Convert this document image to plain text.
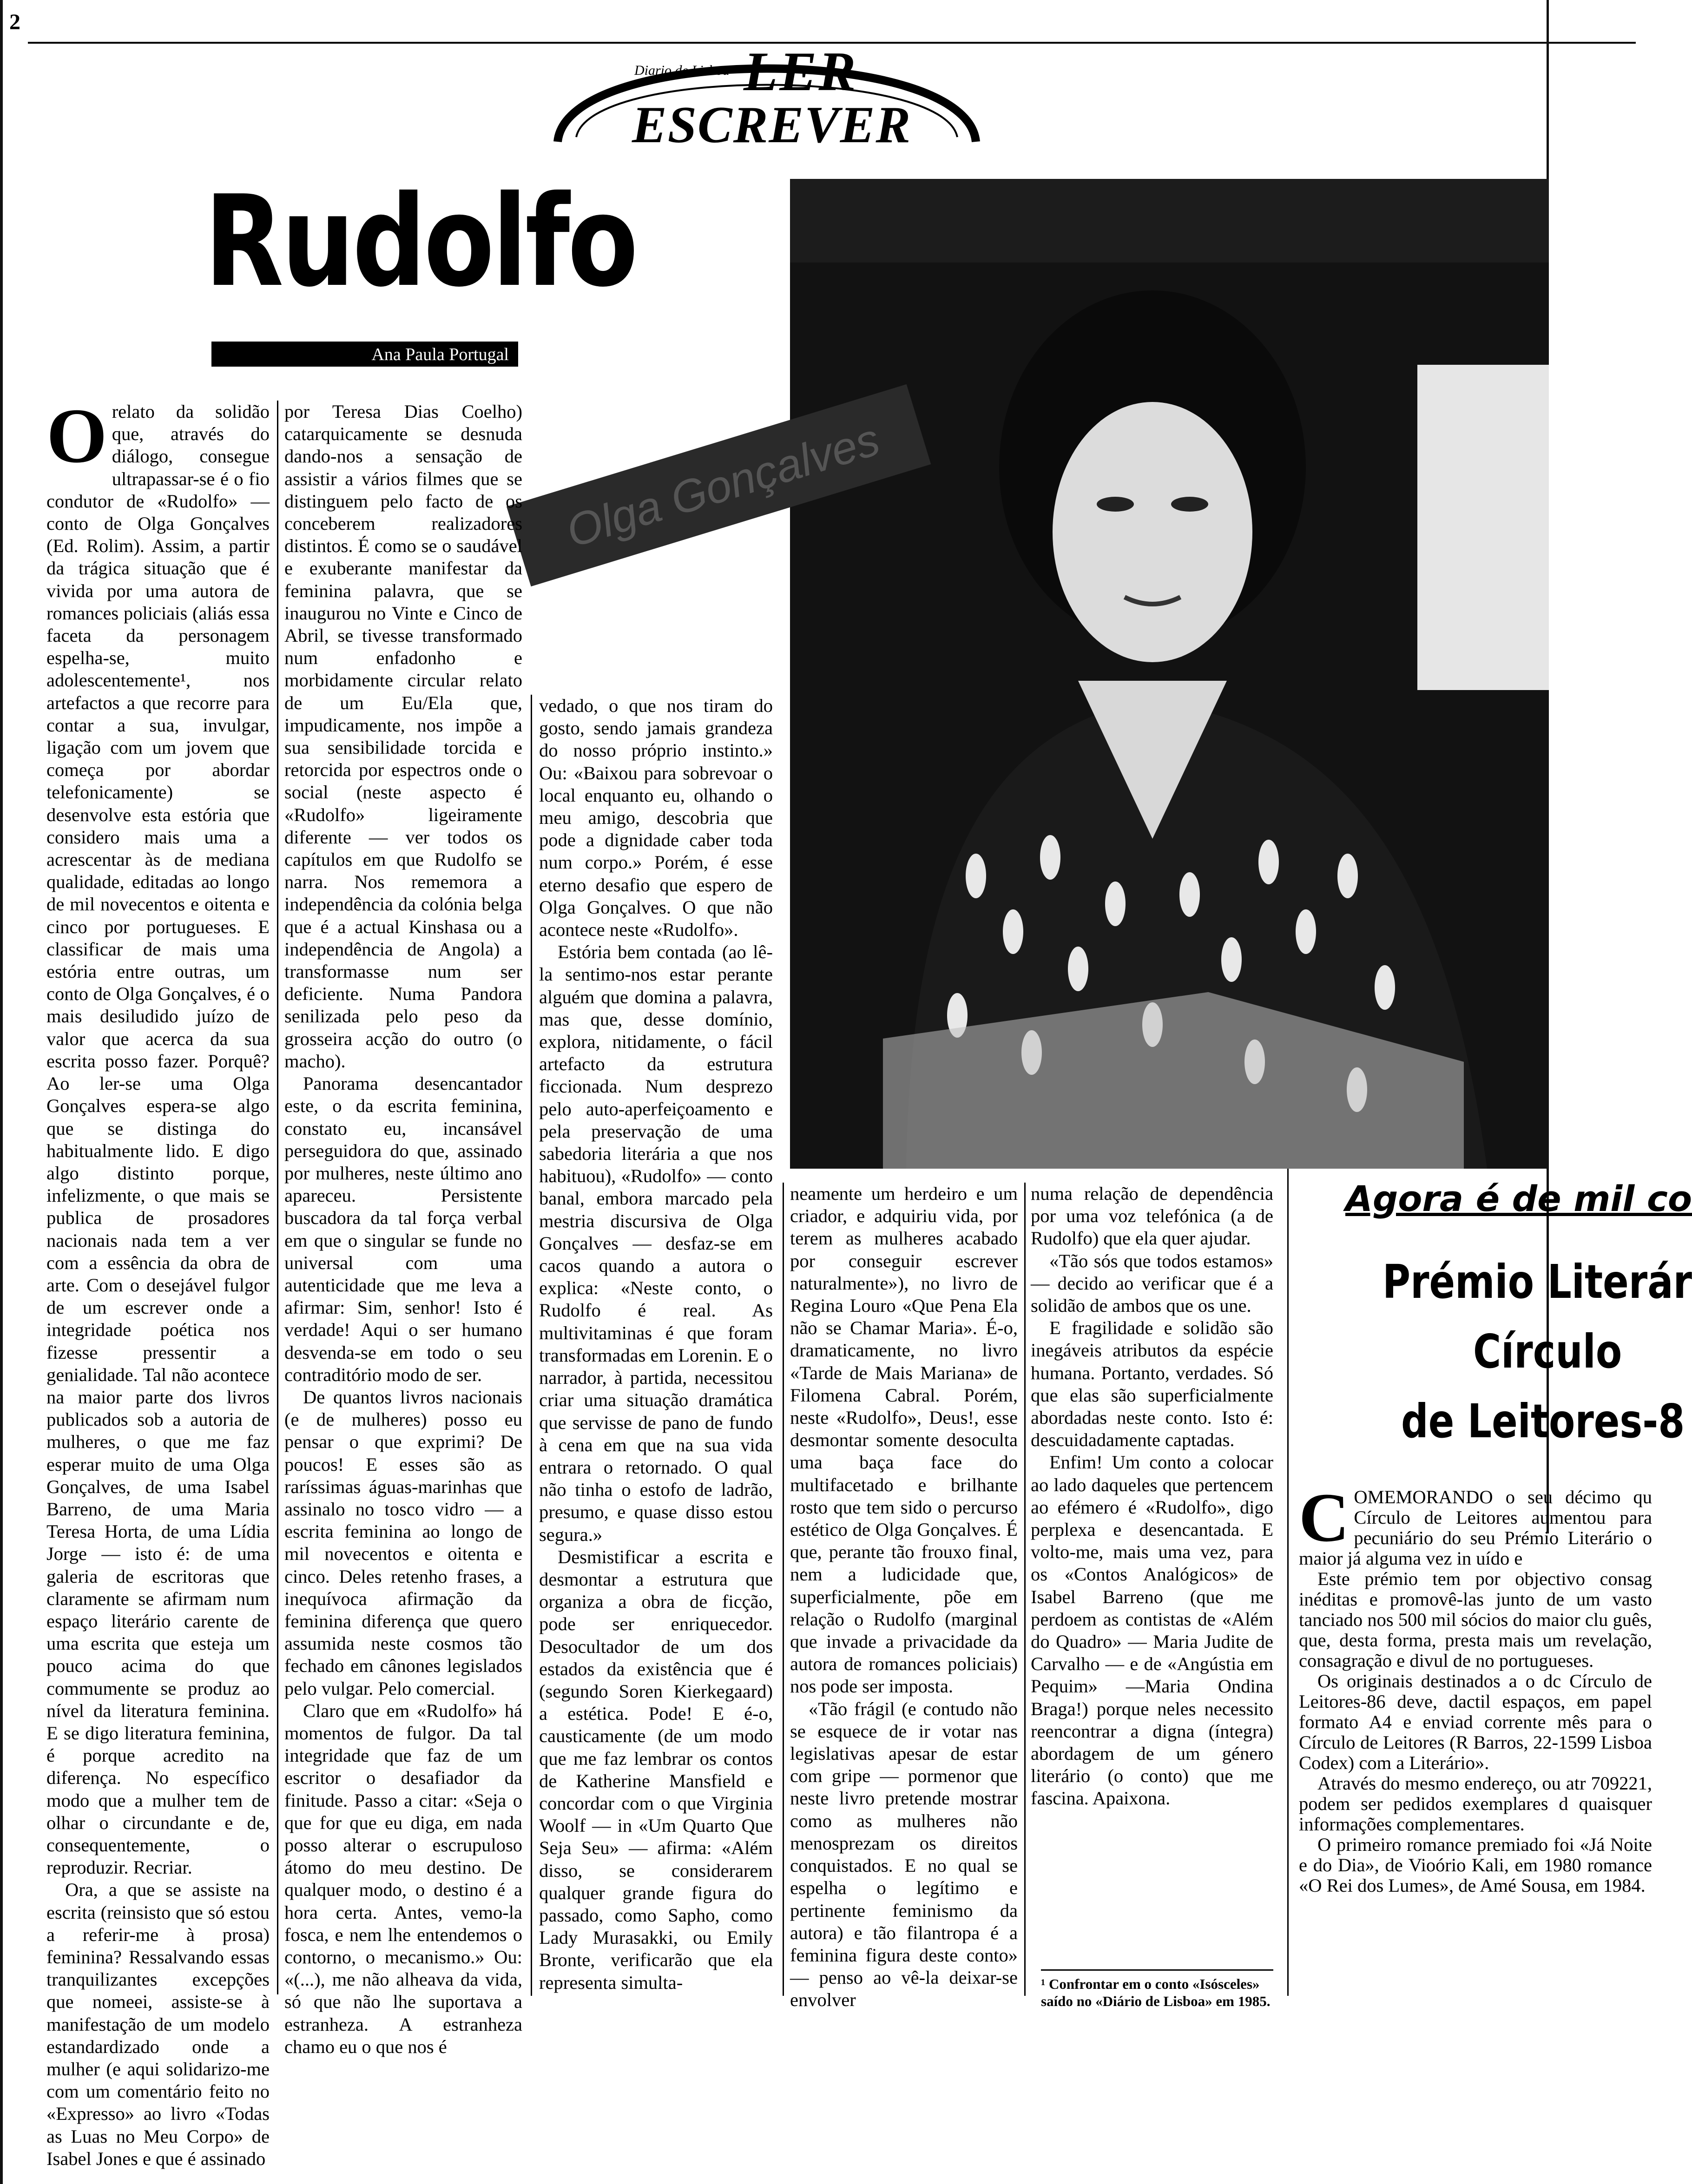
2
Diario de Lisboa LER
ESCREVER
Rudolfo
Ana Paula Portugal
Olga Gonçalves

Orelato da solidão que, através do diálogo, consegue ultrapassar-se é o fio condutor de «Rudolfo» — conto de Olga Gonçalves (Ed. Rolim). Assim, a partir da trágica situação que é vivida por uma autora de romances policiais (aliás essa faceta da personagem espelha-se, muito adolescentemente¹, nos artefactos a que recorre para contar a sua, invulgar, ligação com um jovem que começa por abordar telefonicamente) se desenvolve esta estória que considero mais uma a acrescentar às de mediana qualidade, editadas ao longo de mil novecentos e oitenta e cinco por portugueses. E classificar de mais uma estória entre outras, um conto de Olga Gonçalves, é o mais desiludido juízo de valor que acerca da sua escrita posso fazer. Porquê? Ao ler-se uma Olga Gonçalves espera-se algo que se distinga do habitualmente lido. E digo algo distinto porque, infelizmente, o que mais se publica de prosadores nacionais nada tem a ver com a essência da obra de arte. Com o desejável fulgor de um escrever onde a integridade poética nos fizesse pressentir a genialidade. Tal não acontece na maior parte dos livros publicados sob a autoria de mulheres, o que me faz esperar muito de uma Olga Gonçalves, de uma Isabel Barreno, de uma Maria Teresa Horta, de uma Lídia Jorge — isto é: de uma galeria de escritoras que claramente se afirmam num espaço literário carente de uma escrita que esteja um pouco acima do que commumente se produz ao nível da literatura feminina. E se digo literatura feminina, é porque acredito na diferença. No específico modo que a mulher tem de olhar o circundante e de, consequentemente, o reproduzir. Recriar.

Ora, a que se assiste na escrita (reinsisto que só estou a referir-me à prosa) feminina? Ressalvando essas tranquilizantes excepções que nomeei, assiste-se à manifestação de um modelo estandardizado onde a mulher (e aqui solidarizo-me com um comentário feito no «Expresso» ao livro «Todas as Luas no Meu Corpo» de Isabel Jones e que é assinado

por Teresa Dias Coelho) catarquicamente se desnuda dando-nos a sensação de assistir a vários filmes que se distinguem pelo facto de os conceberem realizadores distintos. É como se o saudável e exuberante manifestar da feminina palavra, que se inaugurou no Vinte e Cinco de Abril, se tivesse transformado num enfadonho e morbidamente circular relato de um Eu/Ela que, impudicamente, nos impõe a sua sensibilidade torcida e retorcida por espectros onde o social (neste aspecto é «Rudolfo» ligeiramente diferente — ver todos os capítulos em que Rudolfo se narra. Nos rememora a independência da colónia belga que é a actual Kinshasa ou a independência de Angola) a transformasse num ser deficiente. Numa Pandora senilizada pelo peso da grosseira acção do outro (o macho).

Panorama desencantador este, o da escrita feminina, constato eu, incansável perseguidora do que, assinado por mulheres, neste último ano apareceu. Persistente buscadora da tal força verbal em que o singular se funde no universal com uma autenticidade que me leva a afirmar: Sim, senhor! Isto é verdade! Aqui o ser humano desvenda-se em todo o seu contraditório modo de ser.

De quantos livros nacionais (e de mulheres) posso eu pensar o que exprimi? De poucos! E esses são as raríssimas águas-marinhas que assinalo no tosco vidro — a escrita feminina ao longo de mil novecentos e oitenta e cinco. Deles retenho frases, a inequívoca afirmação da feminina diferença que quero assumida neste cosmos tão fechado em cânones legislados pelo vulgar. Pelo comercial.

Claro que em «Rudolfo» há momentos de fulgor. Da tal integridade que faz de um escritor o desafiador da finitude. Passo a citar: «Seja o que for que eu diga, em nada posso alterar o escrupuloso átomo do meu destino. De qualquer modo, o destino é a hora certa. Antes, vemo-la fosca, e nem lhe entendemos o contorno, o mecanismo.» Ou: «(...), me não alheava da vida, só que não lhe suportava a estranheza. A estranheza chamo eu o que nos é

vedado, o que nos tiram do gosto, sendo jamais grandeza do nosso próprio instinto.» Ou: «Baixou para sobrevoar o local enquanto eu, olhando o meu amigo, descobria que pode a dignidade caber toda num corpo.» Porém, é esse eterno desafio que espero de Olga Gonçalves. O que não acontece neste «Rudolfo».

Estória bem contada (ao lê-la sentimo-nos estar perante alguém que domina a palavra, mas que, desse domínio, explora, nitidamente, o fácil artefacto da estrutura ficcionada. Num desprezo pelo auto-aperfeiçoamento e pela preservação de uma sabedoria literária a que nos habituou), «Rudolfo» — conto banal, embora marcado pela mestria discursiva de Olga Gonçalves — desfaz-se em cacos quando a autora o explica: «Neste conto, o Rudolfo é real. As multivitaminas é que foram transformadas em Lorenin. E o narrador, à partida, necessitou criar uma situação dramática que servisse de pano de fundo à cena em que na sua vida entrara o retornado. O qual não tinha o estofo de ladrão, presumo, e quase disso estou segura.»

Desmistificar a escrita e desmontar a estrutura que organiza a obra de ficção, pode ser enriquecedor. Desocultador de um dos estados da existência que é (segundo Soren Kierkegaard) a estética. Pode! E é-o, causticamente (de um modo que me faz lembrar os contos de Katherine Mansfield e concordar com o que Virginia Woolf — in «Um Quarto Que Seja Seu» — afirma: «Além disso, se considerarem qualquer grande figura do passado, como Sapho, como Lady Murasakki, ou Emily Bronte, verificarão que ela representa simulta-

neamente um herdeiro e um criador, e adquiriu vida, por terem as mulheres acabado por conseguir escrever naturalmente»), no livro de Regina Louro «Que Pena Ela não se Chamar Maria». É-o, dramaticamente, no livro «Tarde de Mais Mariana» de Filomena Cabral. Porém, neste «Rudolfo», Deus!, esse desmontar somente desoculta uma baça face do multifacetado e brilhante rosto que tem sido o percurso estético de Olga Gonçalves. É que, perante tão frouxo final, nem a ludicidade que, superficialmente, põe em relação o Rudolfo (marginal que invade a privacidade da autora de romances policiais) nos pode ser imposta.

«Tão frágil (e contudo não se esquece de ir votar nas legislativas apesar de estar com gripe — pormenor que neste livro pretende mostrar como as mulheres não menosprezam os direitos conquistados. E no qual se espelha o legítimo e pertinente feminismo da autora) e tão filantropa é a feminina figura deste conto» — penso ao vê-la deixar-se envolver

numa relação de dependência por uma voz telefónica (a de Rudolfo) que ela quer ajudar.

«Tão sós que todos estamos» — decido ao verificar que é a solidão de ambos que os une.

E fragilidade e solidão são inegáveis atributos da espécie humana. Portanto, verdades. Só que elas são superficialmente abordadas neste conto. Isto é: descuidadamente captadas.

Enfim! Um conto a colocar ao lado daqueles que pertencem ao efémero é «Rudolfo», digo perplexa e desencantada. E volto-me, mais uma vez, para os «Contos Analógicos» de Isabel Barreno (que me perdoem as contistas de «Além do Quadro» — Maria Judite de Carvalho — e de «Angústia em Pequim» —Maria Ondina Braga!) porque neles necessito reencontrar a digna (íntegra) abordagem de um género literário (o conto) que me fascina. Apaixona.

¹ Confrontar em o conto «Isósceles» saído no «Diário de Lisboa» em 1985.
Agora é de mil co
Prémio Literár
Círculo
de Leitores-8

COMEMORANDO o seu décimo qu Círculo de Leitores aumentou para pecuniário do seu Prémio Literário o maior já alguma vez in uído e

Este prémio tem por objectivo consag inéditas e promovê-las junto de um vasto tanciado nos 500 mil sócios do maior clu guês, que, desta forma, presta mais um revelação, consagração e divul de no portugueses.

Os originais destinados a o dc Círculo de Leitores-86 deve, dactil espaços, em papel formato A4 e enviad corrente mês para o Círculo de Leitores (R Barros, 22-1599 Lisboa Codex) com a Literário».

Através do mesmo endereço, ou atr 709221, podem ser pedidos exemplares d quaisquer informações complementares.

O primeiro romance premiado foi «Já Noite e do Dia», de Vioório Kali, em 1980 romance «O Rei dos Lumes», de Amé Sousa, em 1984.
